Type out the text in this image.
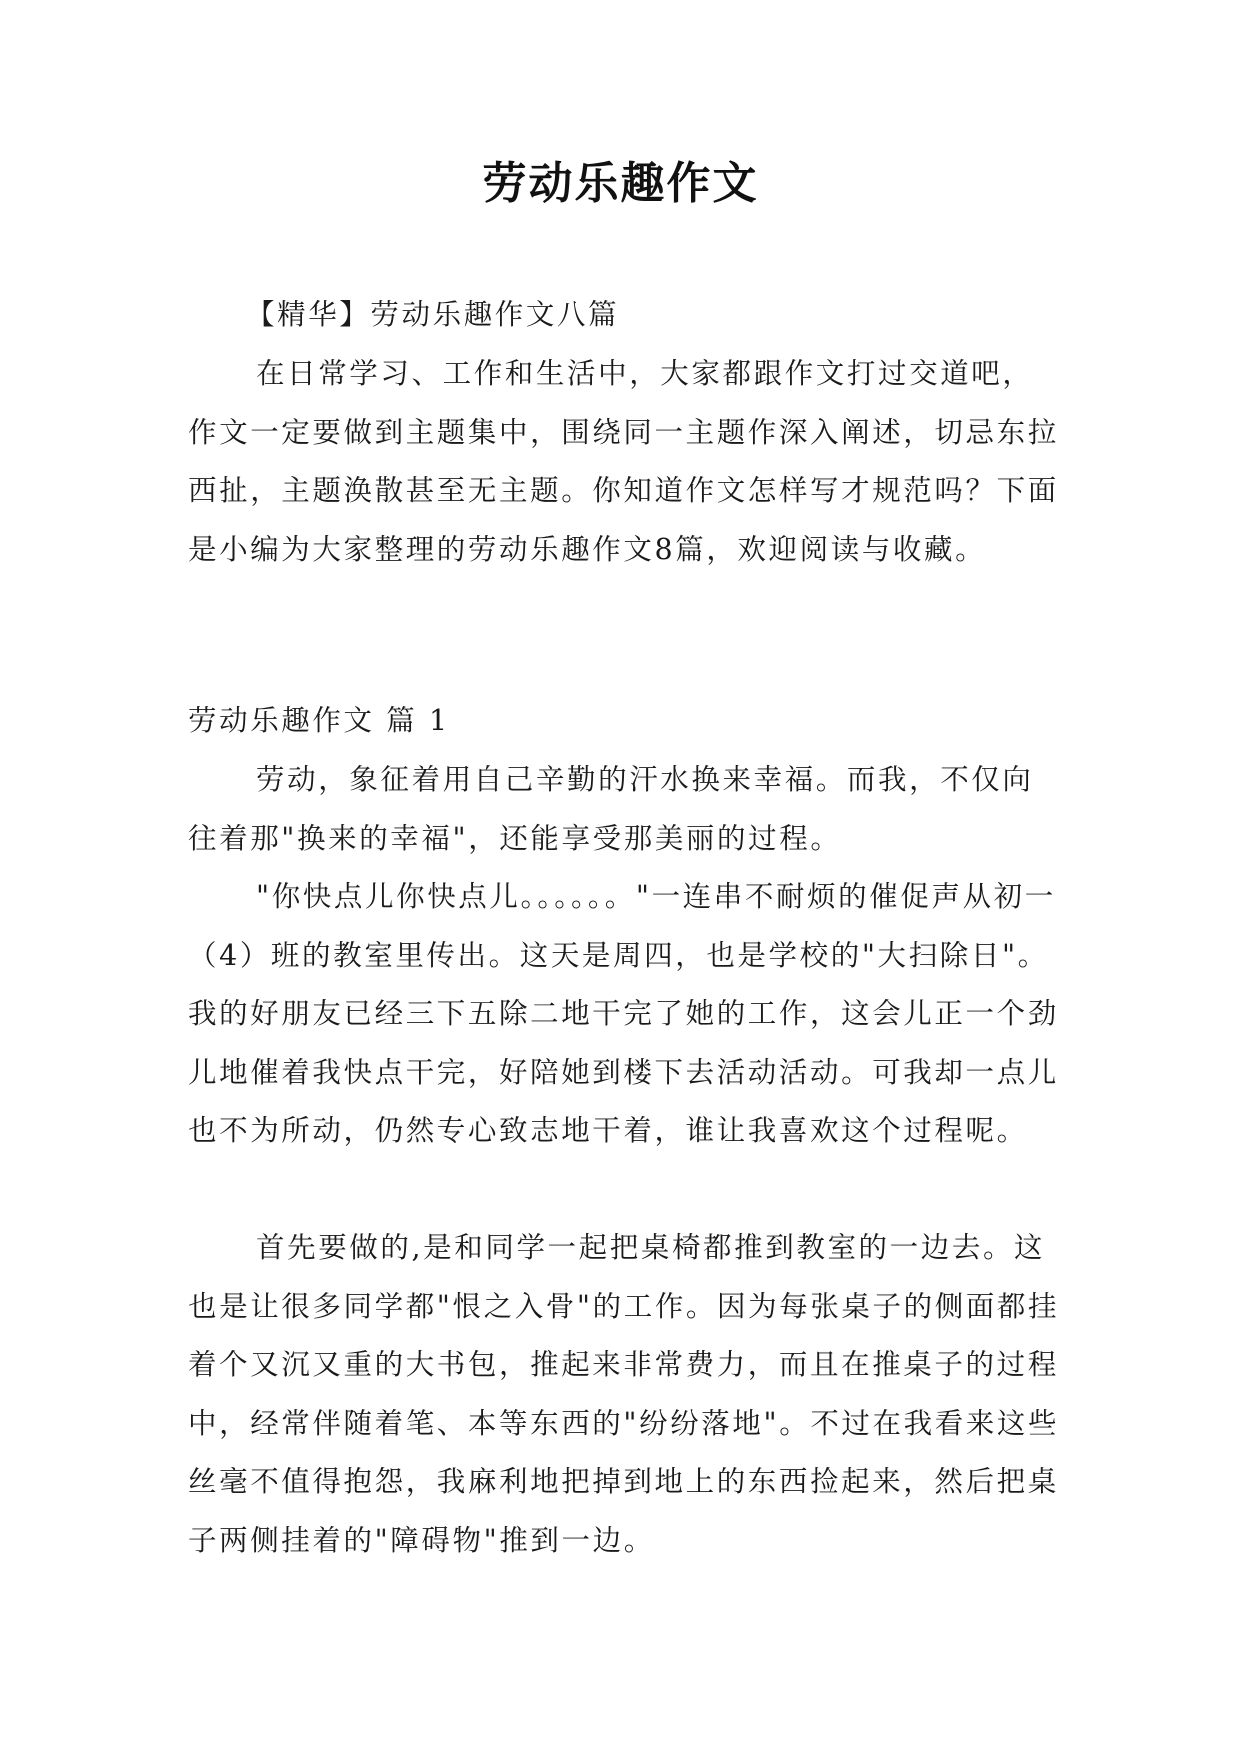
劳动乐趣作文

【精华】劳动乐趣作文八篇

在日常学习、工作和生活中，大家都跟作文打过交道吧，作文一定要做到主题集中，围绕同一主题作深入阐述，切忌东拉西扯，主题涣散甚至无主题。你知道作文怎样写才规范吗？下面是小编为大家整理的劳动乐趣作文8篇，欢迎阅读与收藏。

劳动乐趣作文 篇 1

劳动，象征着用自己辛勤的汗水换来幸福。而我，不仅向往着那"换来的幸福"，还能享受那美丽的过程。

"你快点儿你快点儿。。。。。。"一连串不耐烦的催促声从初一（4）班的教室里传出。这天是周四，也是学校的"大扫除日"。我的好朋友已经三下五除二地干完了她的工作，这会儿正一个劲儿地催着我快点干完，好陪她到楼下去活动活动。可我却一点儿也不为所动，仍然专心致志地干着，谁让我喜欢这个过程呢。

首先要做的,是和同学一起把桌椅都推到教室的一边去。这也是让很多同学都"恨之入骨"的工作。因为每张桌子的侧面都挂着个又沉又重的大书包，推起来非常费力，而且在推桌子的过程中，经常伴随着笔、本等东西的"纷纷落地"。不过在我看来这些丝毫不值得抱怨，我麻利地把掉到地上的东西捡起来，然后把桌子两侧挂着的"障碍物"推到一边。
